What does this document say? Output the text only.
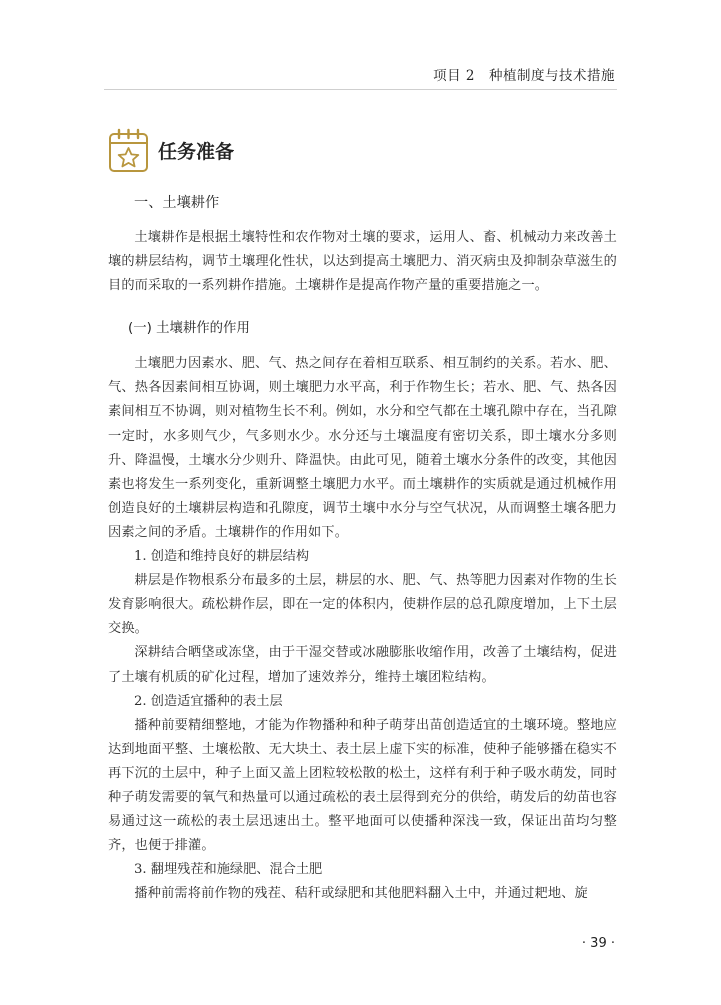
项目 2　种植制度与技术措施
任务准备
一、土壤耕作

土壤耕作是根据土壤特性和农作物对土壤的要求，运用人、畜、机械动力来改善土壤的耕层结构，调节土壤理化性状，以达到提高土壤肥力、消灭病虫及抑制杂草滋生的目的而采取的一系列耕作措施。土壤耕作是提高作物产量的重要措施之一。

(一) 土壤耕作的作用

土壤肥力因素水、肥、气、热之间存在着相互联系、相互制约的关系。若水、肥、气、热各因素间相互协调，则土壤肥力水平高，利于作物生长；若水、肥、气、热各因素间相互不协调，则对植物生长不利。例如，水分和空气都在土壤孔隙中存在，当孔隙一定时，水多则气少，气多则水少。水分还与土壤温度有密切关系，即土壤水分多则升、降温慢，土壤水分少则升、降温快。由此可见，随着土壤水分条件的改变，其他因素也将发生一系列变化，重新调整土壤肥力水平。而土壤耕作的实质就是通过机械作用创造良好的土壤耕层构造和孔隙度，调节土壤中水分与空气状况，从而调整土壤各肥力因素之间的矛盾。土壤耕作的作用如下。

1. 创造和维持良好的耕层结构

耕层是作物根系分布最多的土层，耕层的水、肥、气、热等肥力因素对作物的生长发育影响很大。疏松耕作层，即在一定的体积内，使耕作层的总孔隙度增加，上下土层交换。

深耕结合晒垡或冻垡，由于干湿交替或冰融膨胀收缩作用，改善了土壤结构，促进了土壤有机质的矿化过程，增加了速效养分，维持土壤团粒结构。

2. 创造适宜播种的表土层

播种前要精细整地，才能为作物播种和种子萌芽出苗创造适宜的土壤环境。整地应达到地面平整、土壤松散、无大块土、表土层上虚下实的标准，使种子能够播在稳实不再下沉的土层中，种子上面又盖上团粒较松散的松土，这样有利于种子吸水萌发，同时种子萌发需要的氧气和热量可以通过疏松的表土层得到充分的供给，萌发后的幼苗也容易通过这一疏松的表土层迅速出土。整平地面可以使播种深浅一致，保证出苗均匀整齐，也便于排灌。

3. 翻埋残茬和施绿肥、混合土肥

播种前需将前作物的残茬、秸秆或绿肥和其他肥料翻入土中，并通过耙地、旋

· 39 ·
